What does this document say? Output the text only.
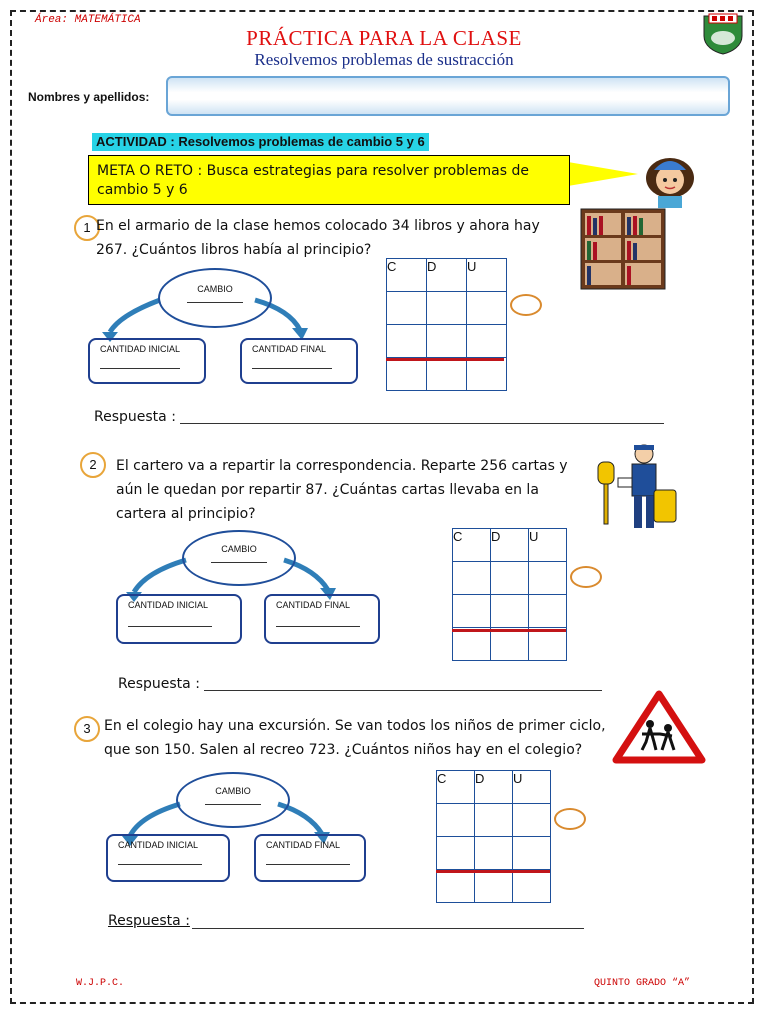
Área: MATEMÁTICA
PRÁCTICA PARA LA CLASE
Resolvemos problemas de sustracción
Nombres y apellidos:
ACTIVIDAD : Resolvemos problemas de cambio 5 y 6
META O RETO : Busca estrategias para resolver problemas de cambio 5 y 6
1 En el armario de la clase hemos colocado 34 libros y ahora hay 267. ¿Cuántos libros había al principio?
CAMBIO
CANTIDAD INICIAL	CANTIDAD FINAL
C	D	U

Respuesta :
2	El cartero va a repartir la correspondencia. Reparte 256 cartas y aún le quedan por repartir 87. ¿Cuántas cartas llevaba en la cartera al principio?
CAMBIO
CANTIDAD INICIAL	CANTIDAD FINAL
C	D	U

Respuesta :
3 En el colegio hay una excursión. Se van todos los niños de primer ciclo, que son 150. Salen al recreo 723. ¿Cuántos niños hay en el colegio?
CAMBIO
CANTIDAD INICIAL	CANTIDAD FINAL
C	D	U

Respuesta :
W.J.P.C.	QUINTO GRADO “A”
